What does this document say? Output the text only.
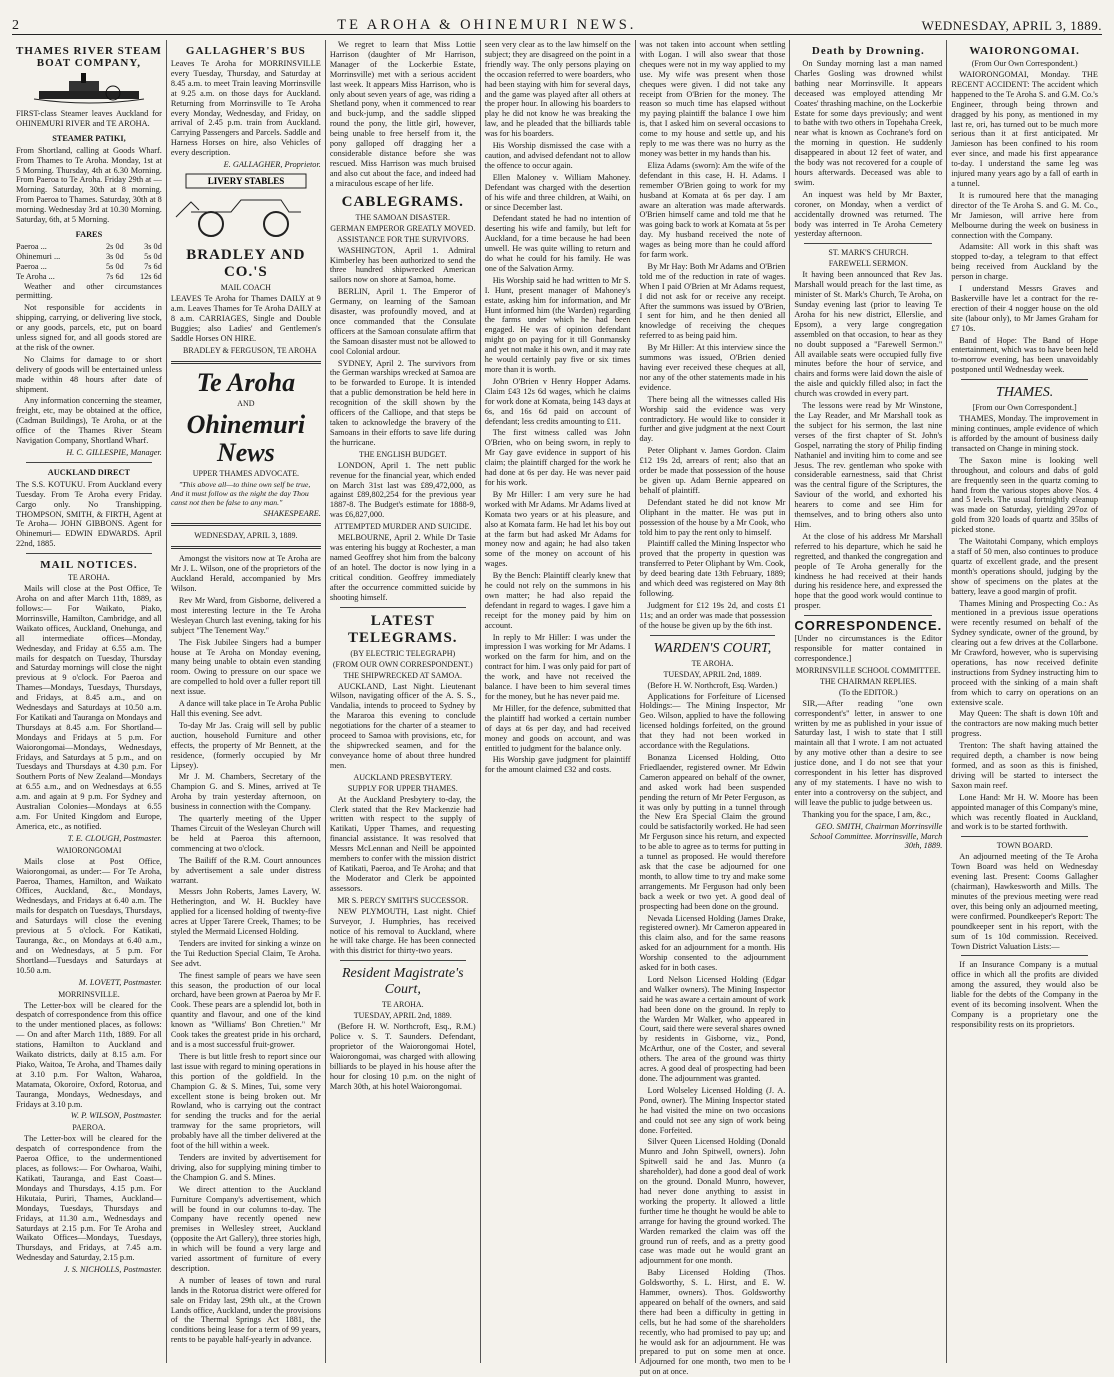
2	TE AROHA & OHINEMURI NEWS.	WEDNESDAY, APRIL 3, 1889.
THAMES RIVER STEAM BOAT COMPANY,

FIRST-class Steamer leaves Auckland for OHINEMURI RIVER and TE AROHA.

STEAMER PATIKI,

From Shortland, calling at Goods Wharf. From Thames to Te Aroha. Monday, 1st at 5 Morning. Thursday, 4th at 6.30 Morning. From Paeroa to Te Aroha. Friday 29th at — Morning. Saturday, 30th at 8 morning. From Paeroa to Thames. Saturday, 30th at 8 morning. Wednesday 3rd at 10.30 Morning. Saturday, 6th, at 5 Morning.

FARES
Paeroa ...	2s 0d	3s 0d
Ohinemuri ...	3s 0d	5s 0d
Paeroa ...	5s 0d	7s 6d
Te Aroha ...	7s 6d	12s 6d

Weather and other circumstances permitting.

Not responsible for accidents in shipping, carrying, or delivering live stock, or any goods, parcels, etc, put on board unless signed for, and all goods stored are at the risk of the owner.

No Claims for damage to or short delivery of goods will be entertained unless made within 48 hours after date of shipment.

Any information concerning the steamer, freight, etc, may be obtained at the office, (Cadman Buildings), Te Aroha, or at the office of the Thames River Steam Navigation Company, Shortland Wharf.

H. C. GILLESPIE, Manager.

AUCKLAND DIRECT

The S.S. KOTUKU. From Auckland every Tuesday. From Te Aroha every Friday. Cargo only. No Transhipping. THOMPSON, SMITH, & FIRTH, Agent at Te Aroha— JOHN GIBBONS. Agent for Ohinemuri— EDWIN EDWARDS. April 22nd, 1885.

MAIL NOTICES.
TE AROHA.

Mails will close at the Post Office, Te Aroha on and after March 11th, 1889, as follows:— For Waikato, Piako, Morrinsville, Hamilton, Cambridge, and all Waikato offices, Auckland, Onehunga, and all intermediate offices—Monday, Wednesday, and Friday at 6.55 a.m. The mails for despatch on Tuesday, Thursday and Saturday mornings will close the night previous at 9 o'clock. For Paeroa and Thames—Mondays, Tuesdays, Thursdays, and Fridays, at 8.45 a.m., and on Wednesdays and Saturdays at 10.50 a.m. For Katikati and Tauranga on Mondays and Thursdays at 8.45 a.m. For Shortland—Mondays and Fridays at 5 p.m. For Waiorongomai—Mondays, Wednesdays, Fridays, and Saturdays at 5 p.m., and on Tuesdays and Thursdays at 4.30 p.m. For Southern Ports of New Zealand—Mondays at 6.55 a.m., and on Wednesdays at 6.55 a.m. and again at 9 p.m. For Sydney and Australian Colonies—Mondays at 6.55 a.m. For United Kingdom and Europe, America, etc., as notified.

T. E. CLOUGH, Postmaster.

WAIORONGOMAI

Mails close at Post Office, Waiorongomai, as under:— For Te Aroha, Paeroa, Thames, Hamilton, and Waikato Offices, Auckland, &c., Mondays, Wednesdays, and Fridays at 6.40 a.m. The mails for despatch on Tuesdays, Thursdays, and Saturdays will close the evening previous at 5 o'clock. For Katikati, Tauranga, &c., on Mondays at 6.40 a.m., and on Wednesdays, at 5 p.m. For Shortland—Tuesdays and Saturdays at 10.50 a.m.

M. LOVETT, Postmaster.

MORRINSVILLE.

The Letter-box will be cleared for the despatch of correspondence from this office to the under mentioned places, as follows:— On and after March 11th, 1889. For all stations, Hamilton to Auckland and Waikato districts, daily at 8.15 a.m. For Piako, Waitoa, Te Aroha, and Thames daily at 3.10 p.m. For Walton, Waharoa, Matamata, Okoroire, Oxford, Rotorua, and Tauranga, Mondays, Wednesdays, and Fridays at 3.10 p.m.

W. P. WILSON, Postmaster.

PAEROA.

The Letter-box will be cleared for the despatch of correspondence from the Paeroa Office, to the undermentioned places, as follows:— For Owharoa, Waihi, Katikati, Tauranga, and East Coast—Mondays and Thursdays, 4.15 p.m. For Hikutaia, Puriri, Thames, Auckland—Mondays, Tuesdays, Thursdays and Fridays, at 11.30 a.m., Wednesdays and Saturdays at 2.15 p.m. For Te Aroha and Waikato Offices—Mondays, Tuesdays, Thursdays, and Fridays, at 7.45 a.m. Wednesday and Saturday, 2.15 p.m.

J. S. NICHOLLS, Postmaster.

GALLAGHER'S BUS

Leaves Te Aroha for MORRINSVILLE every Tuesday, Thursday, and Saturday at 8.45 a.m. to meet Train leaving Morrinsville at 9.25 a.m. on those days for Auckland. Returning from Morrinsville to Te Aroha every Monday, Wednesday, and Friday, on arrival of 2.45 p.m. train from Auckland. Carrying Passengers and Parcels. Saddle and Harness Horses on hire, also Vehicles of every description.

E. GALLAGHER, Proprietor.

LIVERY STABLES
BRADLEY AND CO.'S
MAIL COACH

LEAVES Te Aroha for Thames DAILY at 9 a.m. Leaves Thames for Te Aroha DAILY at 8 a.m. CARRIAGES, Single and Double Buggies; also Ladies' and Gentlemen's Saddle Horses ON HIRE.

BRADLEY & FERGUSON, TE AROHA

Te Aroha
AND
Ohinemuri News
UPPER THAMES ADVOCATE.

"This above all—to thine own self be true, And it must follow as the night the day Thou canst not then be false to any man."

SHAKESPEARE.

WEDNESDAY, APRIL 3, 1889.

Amongst the visitors now at Te Aroha are Mr J. L. Wilson, one of the proprietors of the Auckland Herald, accompanied by Mrs Wilson.

Rev Mr Ward, from Gisborne, delivered a most interesting lecture in the Te Aroha Wesleyan Church last evening, taking for his subject "The Tenement Way."

The Fisk Jubilee Singers had a bumper house at Te Aroha on Monday evening, many being unable to obtain even standing room. Owing to pressure on our space we are compelled to hold over a fuller report till next issue.

A dance will take place in Te Aroha Public Hall this evening. See advt.

To-day Mr Jas. Craig will sell by public auction, household Furniture and other effects, the property of Mr Bennett, at the residence, (formerly occupied by Mr Lipsey).

Mr J. M. Chambers, Secretary of the Champion G. and S. Mines, arrived at Te Aroha by train yesterday afternoon, on business in connection with the Company.

The quarterly meeting of the Upper Thames Circuit of the Wesleyan Church will be held at Paeroa this afternoon, commencing at two o'clock.

The Bailiff of the R.M. Court announces by advertisement a sale under distress warrant.

Messrs John Roberts, James Lavery, W. Hetherington, and W. H. Buckley have applied for a licensed holding of twenty-five acres at Upper Tarere Creek, Thames; to be styled the Mermaid Licensed Holding.

Tenders are invited for sinking a winze on the Tui Reduction Special Claim, Te Aroha. See advt.

The finest sample of pears we have seen this season, the production of our local orchard, have been grown at Paeroa by Mr F. Cook. These pears are a splendid lot, both in quantity and flavour, and one of the kind known as "Williams' Bon Chretien." Mr Cook takes the greatest pride in his orchard, and is a most successful fruit-grower.

There is but little fresh to report since our last issue with regard to mining operations in this portion of the goldfield. In the Champion G. & S. Mines, Tui, some very excellent stone is being broken out. Mr Rowland, who is carrying out the contract for sending the trucks and for the aerial tramway for the same proprietors, will probably have all the timber delivered at the foot of the hill within a week.

Tenders are invited by advertisement for driving, also for supplying mining timber to the Champion G. and S. Mines.

We direct attention to the Auckland Furniture Company's advertisement, which will be found in our columns to-day. The Company have recently opened new premises in Wellesley street, Auckland (opposite the Art Gallery), three stories high, in which will be found a very large and varied assortment of furniture of every description.

A number of leases of town and rural lands in the Rotorua district were offered for sale on Friday last, 29th ult., at the Crown Lands office, Auckland, under the provisions of the Thermal Springs Act 1881, the conditions being lease for a term of 99 years, rents to be payable half-yearly in advance.

We regret to learn that Miss Lottie Harrison (daughter of Mr Harrison, Manager of the Lockerbie Estate, Morrinsville) met with a serious accident last week. It appears Miss Harrison, who is only about seven years of age, was riding a Shetland pony, when it commenced to rear and buck-jump, and the saddle slipped round the pony, the little girl, however, being unable to free herself from it, the pony galloped off dragging her a considerable distance before she was rescued. Miss Harrison was much bruised and also cut about the face, and indeed had a miraculous escape of her life.

CABLEGRAMS.
THE SAMOAN DISASTER.
GERMAN EMPEROR GREATLY MOVED.
ASSISTANCE FOR THE SURVIVORS.

WASHINGTON, April 1. Admiral Kimberley has been authorized to send the three hundred shipwrecked American sailors now on shore at Samoa, home.

BERLIN, April 1. The Emperor of Germany, on learning of the Samoan disaster, was profoundly moved, and at once commanded that the Consulate officers at the Samoan consulate affirm that the Samoan disaster must not be allowed to cool Colonial ardour.

SYDNEY, April 2. The survivors from the German warships wrecked at Samoa are to be forwarded to Europe. It is intended that a public demonstration be held here in recognition of the skill shown by the officers of the Calliope, and that steps be taken to acknowledge the bravery of the Samoans in their efforts to save life during the hurricane.

THE ENGLISH BUDGET.

LONDON, April 1. The nett public revenue for the financial year, which ended on March 31st last was £89,472,000, as against £89,802,254 for the previous year 1887-8. The Budget's estimate for 1888-9, was £6,827,000.

ATTEMPTED MURDER AND SUICIDE.

MELBOURNE, April 2. While Dr Tasie was entering his buggy at Rochester, a man named Geoffrey shot him from the balcony of an hotel. The doctor is now lying in a critical condition. Geoffrey immediately after the occurrence committed suicide by shooting himself.

LATEST TELEGRAMS.
(BY ELECTRIC TELEGRAPH)
(FROM OUR OWN CORRESPONDENT.)
THE SHIPWRECKED AT SAMOA.

AUCKLAND, Last Night. Lieutenant Wilson, navigating officer of the A. S. S., Vandalia, intends to proceed to Sydney by the Mararoa this evening to conclude negotiations for the charter of a steamer to proceed to Samoa with provisions, etc, for the shipwrecked seamen, and for the conveyance home of about three hundred men.

AUCKLAND PRESBYTERY.
SUPPLY FOR UPPER THAMES.

At the Auckland Presbytery to-day, the Clerk stated that the Rev Mackenzie had written with respect to the supply of Katikati, Upper Thames, and requesting financial assistance. It was resolved that Messrs McLennan and Neill be appointed members to confer with the mission district of Katikati, Paeroa, and Te Aroha; and that the Moderator and Clerk be appointed assessors.

MR S. PERCY SMITH'S SUCCESSOR.

NEW PLYMOUTH, Last night. Chief Surveyor, J. Humphries, has received notice of his removal to Auckland, where he will take charge. He has been connected with this district for thirty-two years.

Resident Magistrate's Court,
TE AROHA.
TUESDAY, APRIL 2nd, 1889.

(Before H. W. Northcroft, Esq., R.M.) Police v. S. T. Saunders. Defendant, proprietor of the Waiorongomai Hotel, Waiorongomai, was charged with allowing billiards to be played in his house after the hour for closing 10 p.m. on the night of March 30th, at his hotel Waiorongomai.

seen very clear as to the law himself on the subject; they are disagreed on the point in a friendly way. The only persons playing on the occasion referred to were boarders, who had been staying with him for several days, and the game was played after all others at the proper hour. In allowing his boarders to play he did not know he was breaking the law, and he pleaded that the billiards table was for his boarders.

His Worship dismissed the case with a caution, and advised defendant not to allow the offence to occur again.

Ellen Maloney v. William Mahoney. Defendant was charged with the desertion of his wife and three children, at Waihi, on or since December last.

Defendant stated he had no intention of deserting his wife and family, but left for Auckland, for a time because he had been unwell. He was quite willing to return and do what he could for his family. He was one of the Salvation Army.

His Worship said he had written to Mr S. I. Hunt, present manager of Mahoney's estate, asking him for information, and Mr Hunt informed him (the Warden) regarding the farms under which he had been engaged. He was of opinion defendant might go on paying for it till Gonmansky and yet not make it his own, and it may rate he would certainly pay five or six times more than it is worth.

John O'Brien v Henry Hopper Adams. Claim £43 12s 6d wages, which he claims for work done at Komata, being 143 days at 6s, and 16s 6d paid on account of defendant; less credits amounting to £11.

The first witness called was John O'Brien, who on being sworn, in reply to Mr Gay gave evidence in support of his claim; the plaintiff charged for the work he had done at 6s per day. He was never paid for his work.

By Mr Hiller: I am very sure he had worked with Mr Adams. Mr Adams lived at Komata two years or at his pleasure, and also at Komata farm. He had let his boy out at the farm but had asked Mr Adams for money now and again; he had also taken some of the money on account of his wages.

By the Bench: Plaintiff clearly knew that he could not rely on the summons in his own matter; he had also repaid the defendant in regard to wages. I gave him a receipt for the money paid by him on account.

In reply to Mr Hiller: I was under the impression I was working for Mr Adams. I worked on the farm for him, and on the contract for him. I was only paid for part of the work, and have not received the balance. I have been to him several times for the money, but he has never paid me.

Mr Hiller, for the defence, submitted that the plaintiff had worked a certain number of days at 6s per day, and had received money and goods on account, and was entitled to judgment for the balance only.

His Worship gave judgment for plaintiff for the amount claimed £32 and costs.

was not taken into account when settling with Logan. I will also swear that those cheques were not in my way applied to my use. My wife was present when those cheques were given. I did not take any receipt from O'Brien for the money. The reason so much time has elapsed without my paying plaintiff the balance I owe him is, that I asked him on several occasions to come to my house and settle up, and his reply to me was there was no hurry as the money was better in my hands than his.

Eliza Adams (sworn): Am the wife of the defendant in this case, H. H. Adams. I remember O'Brien going to work for my husband at Komata at 6s per day. I am aware an alteration was made afterwards. O'Brien himself came and told me that he was going back to work at Komata at 5s per day. My husband received the note of wages as being more than he could afford for farm work.

By Mr Hay: Both Mr Adams and O'Brien told me of the reduction in rate of wages. When I paid O'Brien at Mr Adams request, I did not ask for or receive any receipt. After the summons was issued by O'Brien, I sent for him, and he then denied all knowledge of receiving the cheques referred to as being paid him.

By Mr Hiller: At this interview since the summons was issued, O'Brien denied having ever received these cheques at all, nor any of the other statements made in his evidence.

There being all the witnesses called His Worship said the evidence was very contradictory. He would like to consider it further and give judgment at the next Court day.

Peter Oliphant v. James Gordon. Claim £12 19s 2d, arrears of rent; also that an order be made that possession of the house be given up. Adam Bernie appeared on behalf of plaintiff.

Defendant stated he did not know Mr Oliphant in the matter. He was put in possession of the house by a Mr Cook, who told him to pay the rent only to himself.

Plaintiff called the Mining Inspector who proved that the property in question was transferred to Peter Oliphant by Wm. Cook, by deed bearing date 13th February, 1889; and which deed was registered on May 8th following.

Judgment for £12 19s 2d, and costs £1 11s; and an order was made that possession of the house be given up by the 6th inst.

WARDEN'S COURT,
TE AROHA.
TUESDAY, APRIL 2nd, 1889.
(Before H. W. Northcroft, Esq. Warden.)

Applications for Forfeiture of Licensed Holdings:— The Mining Inspector, Mr Geo. Wilson, applied to have the following licensed holdings forfeited, on the ground that they had not been worked in accordance with the Regulations.

Bonanza Licensed Holding, Otto Friedlaender, registered owner. Mr Edwin Cameron appeared on behalf of the owner, and asked work had been suspended pending the return of Mr Peter Ferguson, as it was only by putting in a tunnel through the New Era Special Claim the ground could be satisfactorily worked. He had seen Mr Ferguson since his return, and expected to be able to agree as to terms for putting in a tunnel as proposed. He would therefore ask that the case be adjourned for one month, to allow time to try and make some arrangements. Mr Ferguson had only been back a week or two yet. A good deal of prospecting had been done on the ground.

Nevada Licensed Holding (James Drake, registered owner). Mr Cameron appeared in this claim also, and for the same reasons asked for an adjournment for a month. His Worship consented to the adjournment asked for in both cases.

Lord Nelson Licensed Holding (Edgar and Walker owners). The Mining Inspector said he was aware a certain amount of work had been done on the ground. In reply to the Warden Mr Walker, who appeared in Court, said there were several shares owned by residents in Gisborne, viz., Pond, McArthur, one of the Coster, and several others. The area of the ground was thirty acres. A good deal of prospecting had been done. The adjournment was granted.

Lord Wolseley Licensed Holding (J. A. Pond, owner). The Mining Inspector stated he had visited the mine on two occasions and could not see any sign of work being done. Forfeited.

Silver Queen Licensed Holding (Donald Munro and John Spitwell, owners). John Spitwell said he and Jas. Munro (a shareholder), had done a good deal of work on the ground. Donald Munro, however, had never done anything to assist in working the property. It allowed a little further time he thought he would be able to arrange for having the ground worked. The Warden remarked the claim was off the ground run of reefs, and as a pretty good case was made out he would grant an adjournment for one month.

Baby Licensed Holding (Thos. Goldsworthy, S. L. Hirst, and E. W. Hammer, owners). Thos. Goldsworthy appeared on behalf of the owners, and said there had been a difficulty in getting in cells, but he had some of the shareholders recently, who had promised to pay up; and he would ask for an adjournment. He was prepared to put on some men at once. Adjourned for one month, two men to be put on at once.

Death by Drowning.

On Sunday morning last a man named Charles Gosling was drowned whilst bathing near Morrinsville. It appears deceased was employed attending Mr Coates' thrashing machine, on the Lockerbie Estate for some days previously; and went to bathe with two others in Topehaha Creek, near what is known as Cochrane's ford on the morning in question. He suddenly disappeared in about 12 feet of water, and the body was not recovered for a couple of hours afterwards. Deceased was able to swim.

An inquest was held by Mr Baxter, coroner, on Monday, when a verdict of accidentally drowned was returned. The body was interred in Te Aroha Cemetery yesterday afternoon.

ST. MARK'S CHURCH.
FAREWELL SERMON.

It having been announced that Rev Jas. Marshall would preach for the last time, as minister of St. Mark's Church, Te Aroha, on Sunday evening last (prior to leaving Te Aroha for his new district, Ellerslie, and Epsom), a very large congregation assembled on that occasion, to hear as they no doubt supposed a "Farewell Sermon." All available seats were occupied fully five minutes before the hour of service, and chairs and forms were laid down the aisle of the aisle and quickly filled also; in fact the church was crowded in every part.

The lessons were read by Mr Winstone, the Lay Reader, and Mr Marshall took as the subject for his sermon, the last nine verses of the first chapter of St. John's Gospel, narrating the story of Philip finding Nathaniel and inviting him to come and see Jesus. The rev. gentleman who spoke with considerable earnestness, said that Christ was the central figure of the Scriptures, the Saviour of the world, and exhorted his hearers to come and see Him for themselves, and to bring others also unto Him.

At the close of his address Mr Marshall referred to his departure, which he said he regretted, and thanked the congregation and people of Te Aroha generally for the kindness he had received at their hands during his residence here, and expressed the hope that the good work would continue to prosper.

CORRESPONDENCE.

[Under no circumstances is the Editor responsible for matter contained in correspondence.]

MORRINSVILLE SCHOOL COMMITTEE.
THE CHAIRMAN REPLIES.
(To the EDITOR.)

SIR,—After reading "one own correspondent's" letter, in answer to one written by me as published in your issue of Saturday last, I wish to state that I still maintain all that I wrote. I am not actuated by any motive other than a desire to see justice done, and I do not see that your correspondent in his letter has disproved any of my statements. I have no wish to enter into a controversy on the subject, and will leave the public to judge between us.

Thanking you for the space, I am, &c.,

GEO. SMITH, Chairman Morrinsville School Committee. Morrinsville, March 30th, 1889.

WAIORONGOMAI.
(From Our Own Correspondent.)

WAIORONGOMAI, Monday. THE RECENT ACCIDENT: The accident which happened to the Te Aroha S. and G.M. Co.'s Engineer, through being thrown and dragged by his pony, as mentioned in my last re, ori, has turned out to be much more serious than it at first anticipated. Mr Jamieson has been confined to his room ever since, and made his first appearance to-day. I understand the same leg was injured many years ago by a fall of earth in a tunnel.

It is rumoured here that the managing director of the Te Aroha S. and G. M. Co., Mr Jamieson, will arrive here from Melbourne during the week on business in connection with the Company.

Adamsite: All work in this shaft was stopped to-day, a telegram to that effect being received from Auckland by the person in charge.

I understand Messrs Graves and Baskerville have let a contract for the re-erection of their 4 nogger house on the old site (labour only), to Mr James Graham for £7 10s.

Band of Hope: The Band of Hope entertainment, which was to have been held to-morrow evening, has been unavoidably postponed until Wednesday week.

THAMES.
[From our Own Correspondent.]

THAMES, Monday. The improvement in mining continues, ample evidence of which is afforded by the amount of business daily transacted on Change in mining stock.

The Saxon mine is looking well throughout, and colours and dabs of gold are frequently seen in the quartz coming to hand from the various stopes above Nos. 4 and 5 levels. The usual fortnightly cleanup was made on Saturday, yielding 297oz of gold from 320 loads of quartz and 35lbs of picked stone.

The Waitotahi Company, which employs a staff of 50 men, also continues to produce quartz of excellent grade, and the present month's operations should, judging by the show of specimens on the plates at the battery, leave a good margin of profit.

Thames Mining and Prospecting Co.: As mentioned in a previous issue operations were recently resumed on behalf of the Sydney syndicate, owner of the ground, by clearing out a few drives at the Collarbone. Mr Crawford, however, who is supervising operations, has now received definite instructions from Sydney instructing him to proceed with the sinking of a main shaft from which to carry on operations on an extensive scale.

May Queen: The shaft is down 10ft and the contractors are now making much better progress.

Trenton: The shaft having attained the required depth, a chamber is now being formed, and as soon as this is finished, driving will be started to intersect the Saxon main reef.

Lone Hand: Mr H. W. Moore has been appointed manager of this Company's mine, which was recently floated in Auckland, and work is to be started forthwith.

TOWN BOARD.

An adjourned meeting of the Te Aroha Town Board was held on Wednesday evening last. Present: Cooms Gallagher (chairman), Hawkesworth and Mills. The minutes of the previous meeting were read over, this being only an adjourned meeting, were confirmed. Poundkeeper's Report: The poundkeeper sent in his report, with the sum of 1s 10d commission. Received. Town District Valuation Lists:—

If an Insurance Company is a mutual office in which all the profits are divided among the assured, they would also be liable for the debts of the Company in the event of its becoming insolvent. When the Company is a proprietary one the responsibility rests on its proprietors.
